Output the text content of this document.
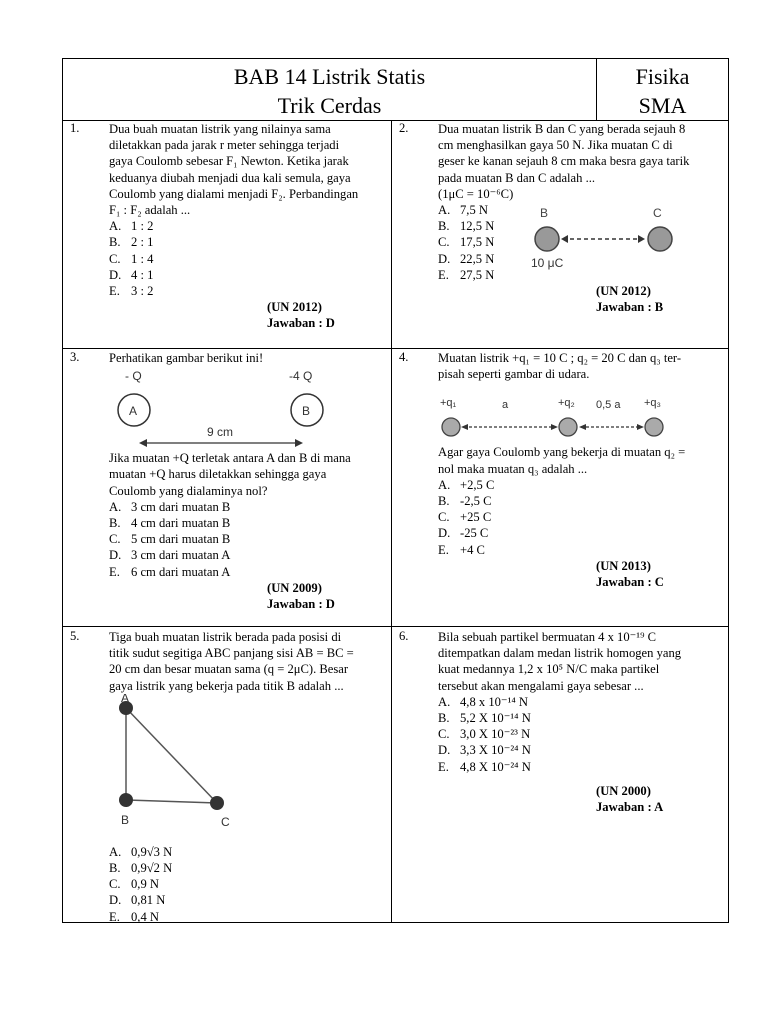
BAB 14 Listrik Statis
Trik Cerdas
Fisika
SMA
1. Dua buah muatan listrik yang nilainya sama

diletakkan pada jarak r meter sehingga terjadi

gaya Coulomb sebesar F₁ Newton. Ketika jarak

keduanya diubah menjadi dua kali semula, gaya

Coulomb yang dialami menjadi F₂. Perbandingan

F₁ : F₂ adalah ...

A. 1 : 2
B. 2 : 1
C. 1 : 4
D. 4 : 1
E. 3 : 2
(UN 2012)
Jawaban : D
2. Dua muatan listrik B dan C yang berada sejauh 8

cm menghasilkan gaya 50 N. Jika muatan C di

geser ke kanan sejauh 8 cm maka besra gaya tarik

pada muatan B dan C adalah ...

(1μC = 10⁻⁶C)

A. 7,5 N
B. 12,5 N
C. 17,5 N
D. 22,5 N
E. 27,5 N
(UN 2012)
Jawaban : B
B	C
10 μC
3. Perhatikan gambar berikut ini!

- Q	-4 Q
A	B
9 cm

Jika muatan +Q terletak antara A dan B di mana

muatan +Q harus diletakkan sehingga gaya

Coulomb yang dialaminya nol?

A. 3 cm dari muatan B
B. 4 cm dari muatan B
C. 5 cm dari muatan B
D. 3 cm dari muatan A
E. 6 cm dari muatan A
(UN 2009)
Jawaban : D
4. Muatan listrik +q₁ = 10 C ; q₂ = 20 C dan q₃ ter-

pisah seperti gambar di udara.

+q₁	+q₂	+q₃
a	0,5 a

Agar gaya Coulomb yang bekerja di muatan q₂ =

nol maka muatan q₃ adalah ...

A. +2,5 C
B. -2,5 C
C. +25 C
D. -25 C
E. +4 C
(UN 2013)
Jawaban : C
5. Tiga buah muatan listrik berada pada posisi di

titik sudut segitiga ABC panjang sisi AB = BC =

20 cm dan besar muatan sama (q = 2μC). Besar

gaya listrik yang bekerja pada titik B adalah ...

A
B	C
A. 0,9√3 N
B. 0,9√2 N
C. 0,9 N
D. 0,81 N
E. 0,4 N
6. Bila sebuah partikel bermuatan 4 x 10⁻¹⁹ C

ditempatkan dalam medan listrik homogen yang

kuat medannya 1,2 x 10⁵ N/C maka partikel

tersebut akan mengalami gaya sebesar ...

A. 4,8 x 10⁻¹⁴ N
B. 5,2 X 10⁻¹⁴ N
C. 3,0 X 10⁻²³ N
D. 3,3 X 10⁻²⁴ N
E. 4,8 X 10⁻²⁴ N
(UN 2000)
Jawaban : A
